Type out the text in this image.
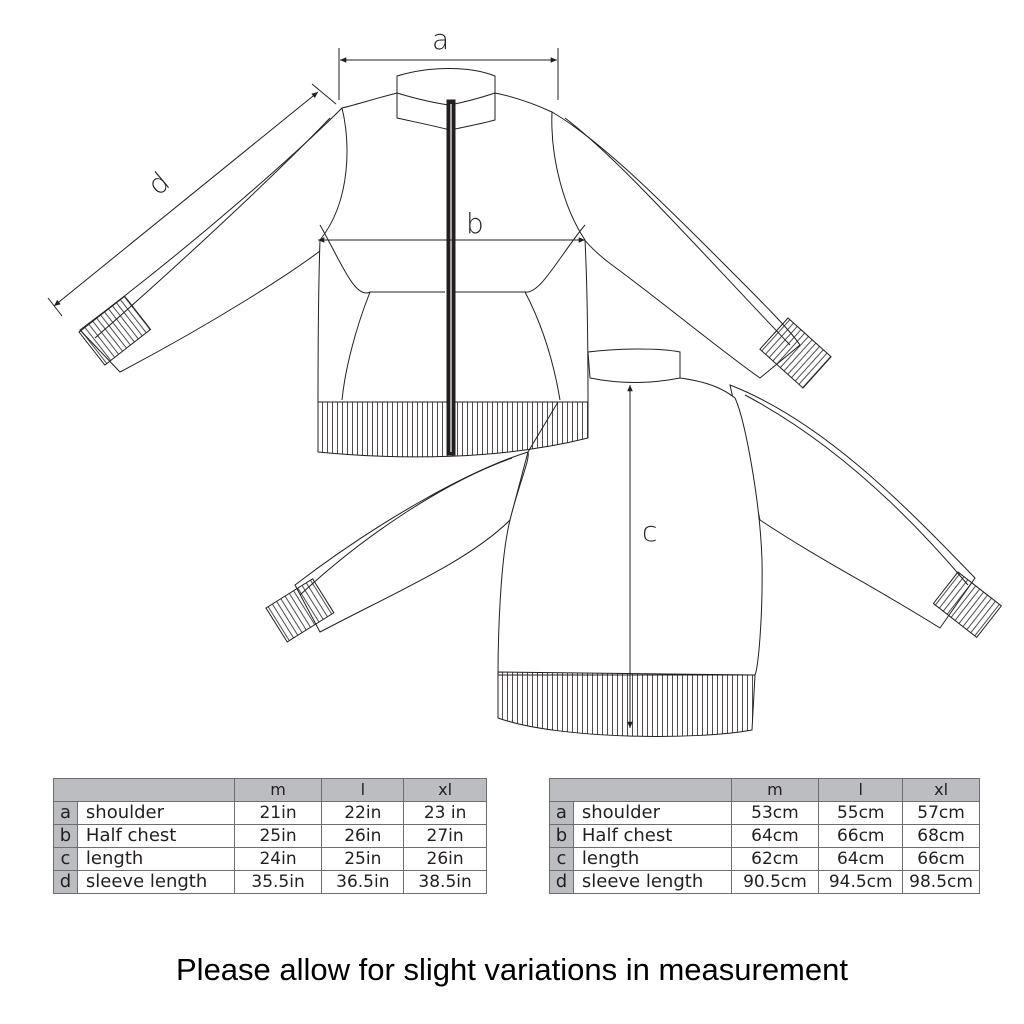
a
b
c
d
		m	l	xl
a	shoulder	21in	22in	23 in
b	Half chest	25in	26in	27in
c	length	24in	25in	26in
d	sleeve length	35.5in	36.5in	38.5in
		m	l	xl
a	shoulder	53cm	55cm	57cm
b	Half chest	64cm	66cm	68cm
c	length	62cm	64cm	66cm
d	sleeve length	90.5cm	94.5cm	98.5cm
Please allow for slight variations in measurement
